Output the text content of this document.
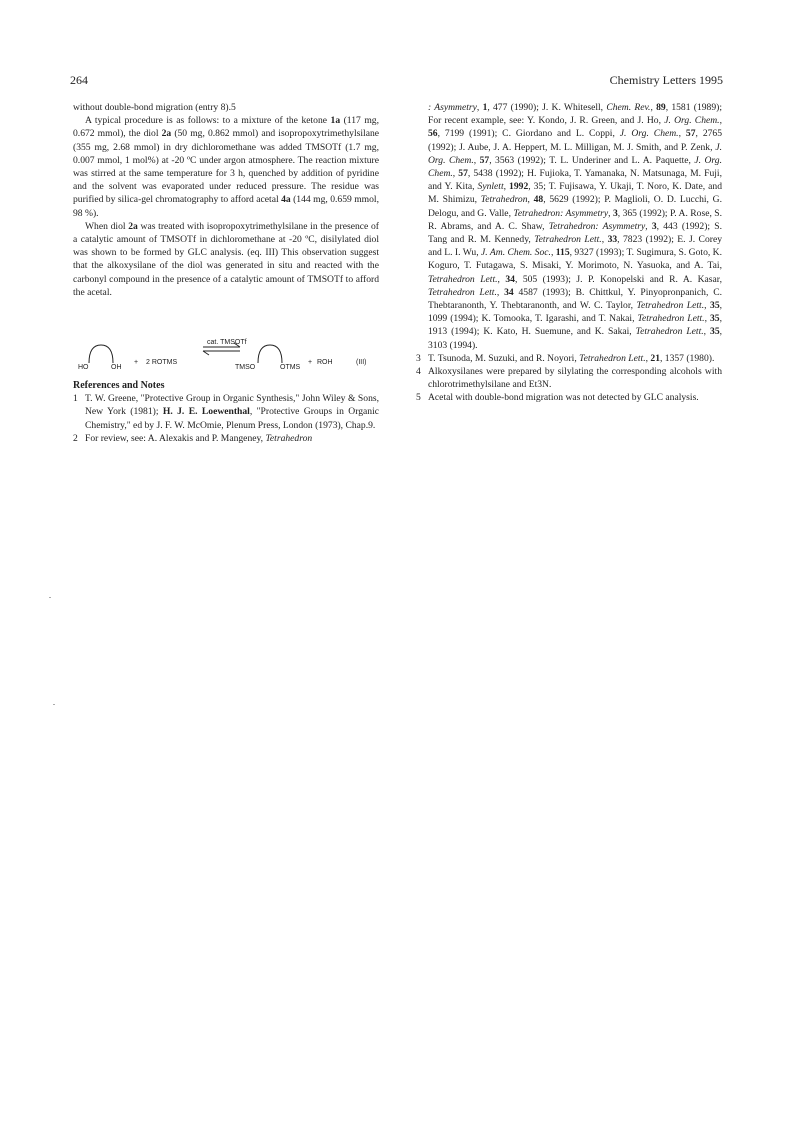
264	Chemistry Letters 1995

without double-bond migration (entry 8).5

A typical procedure is as follows: to a mixture of the ketone 1a (117 mg, 0.672 mmol), the diol 2a (50 mg, 0.862 mmol) and isopropoxytrimethylsilane (355 mg, 2.68 mmol) in dry dichloromethane was added TMSOTf (1.7 mg, 0.007 mmol, 1 mol%) at -20 ºC under argon atmosphere. The reaction mixture was stirred at the same temperature for 3 h, quenched by addition of pyridine and the solvent was evaporated under reduced pressure. The residue was purified by silica-gel chromatography to afford acetal 4a (144 mg, 0.659 mmol, 98 %).

When diol 2a was treated with isopropoxytrimethylsilane in the presence of a catalytic amount of TMSOTf in dichloromethane at -20 ºC, disilylated diol was shown to be formed by GLC analysis. (eq. III) This observation suggest that the alkoxysilane of the diol was generated in situ and reacted with the carbonyl compound in the presence of a catalytic amount of TMSOTf to afford the acetal.

HO	OH
+ 2 ROTMS
cat. TMSOTf
TMSO	OTMS
+ ROH	(III)

References and Notes

1 T. W. Greene, "Protective Group in Organic Synthesis," John Wiley & Sons, New York (1981); H. J. E. Loewenthal, "Protective Groups in Organic Chemistry," ed by J. F. W. McOmie, Plenum Press, London (1973), Chap.9.
2 For review, see: A. Alexakis and P. Mangeney, Tetrahedron
: Asymmetry, 1, 477 (1990); J. K. Whitesell, Chem. Rev., 89, 1581 (1989); For recent example, see: Y. Kondo, J. R. Green, and J. Ho, J. Org. Chem., 56, 7199 (1991); C. Giordano and L. Coppi, J. Org. Chem., 57, 2765 (1992); J. Aube, J. A. Heppert, M. L. Milligan, M. J. Smith, and P. Zenk, J. Org. Chem., 57, 3563 (1992); T. L. Underiner and L. A. Paquette, J. Org. Chem., 57, 5438 (1992); H. Fujioka, T. Yamanaka, N. Matsunaga, M. Fuji, and Y. Kita, Synlett, 1992, 35; T. Fujisawa, Y. Ukaji, T. Noro, K. Date, and M. Shimizu, Tetrahedron, 48, 5629 (1992); P. Maglioli, O. D. Lucchi, G. Delogu, and G. Valle, Tetrahedron: Asymmetry, 3, 365 (1992); P. A. Rose, S. R. Abrams, and A. C. Shaw, Tetrahedron: Asymmetry, 3, 443 (1992); S. Tang and R. M. Kennedy, Tetrahedron Lett., 33, 7823 (1992); E. J. Corey and L. I. Wu, J. Am. Chem. Soc., 115, 9327 (1993); T. Sugimura, S. Goto, K. Koguro, T. Futagawa, S. Misaki, Y. Morimoto, N. Yasuoka, and A. Tai, Tetrahedron Lett., 34, 505 (1993); J. P. Konopelski and R. A. Kasar, Tetrahedron Lett., 34 4587 (1993); B. Chittkul, Y. Pinyopronpanich, C. Thebtaranonth, Y. Thebtaranonth, and W. C. Taylor, Tetrahedron Lett., 35, 1099 (1994); K. Tomooka, T. Igarashi, and T. Nakai, Tetrahedron Lett., 35, 1913 (1994); K. Kato, H. Suemune, and K. Sakai, Tetrahedron Lett., 35, 3103 (1994).
3 T. Tsunoda, M. Suzuki, and R. Noyori, Tetrahedron Lett., 21, 1357 (1980).
4 Alkoxysilanes were prepared by silylating the corresponding alcohols with chlorotrimethylsilane and Et3N.
5 Acetal with double-bond migration was not detected by GLC analysis.
